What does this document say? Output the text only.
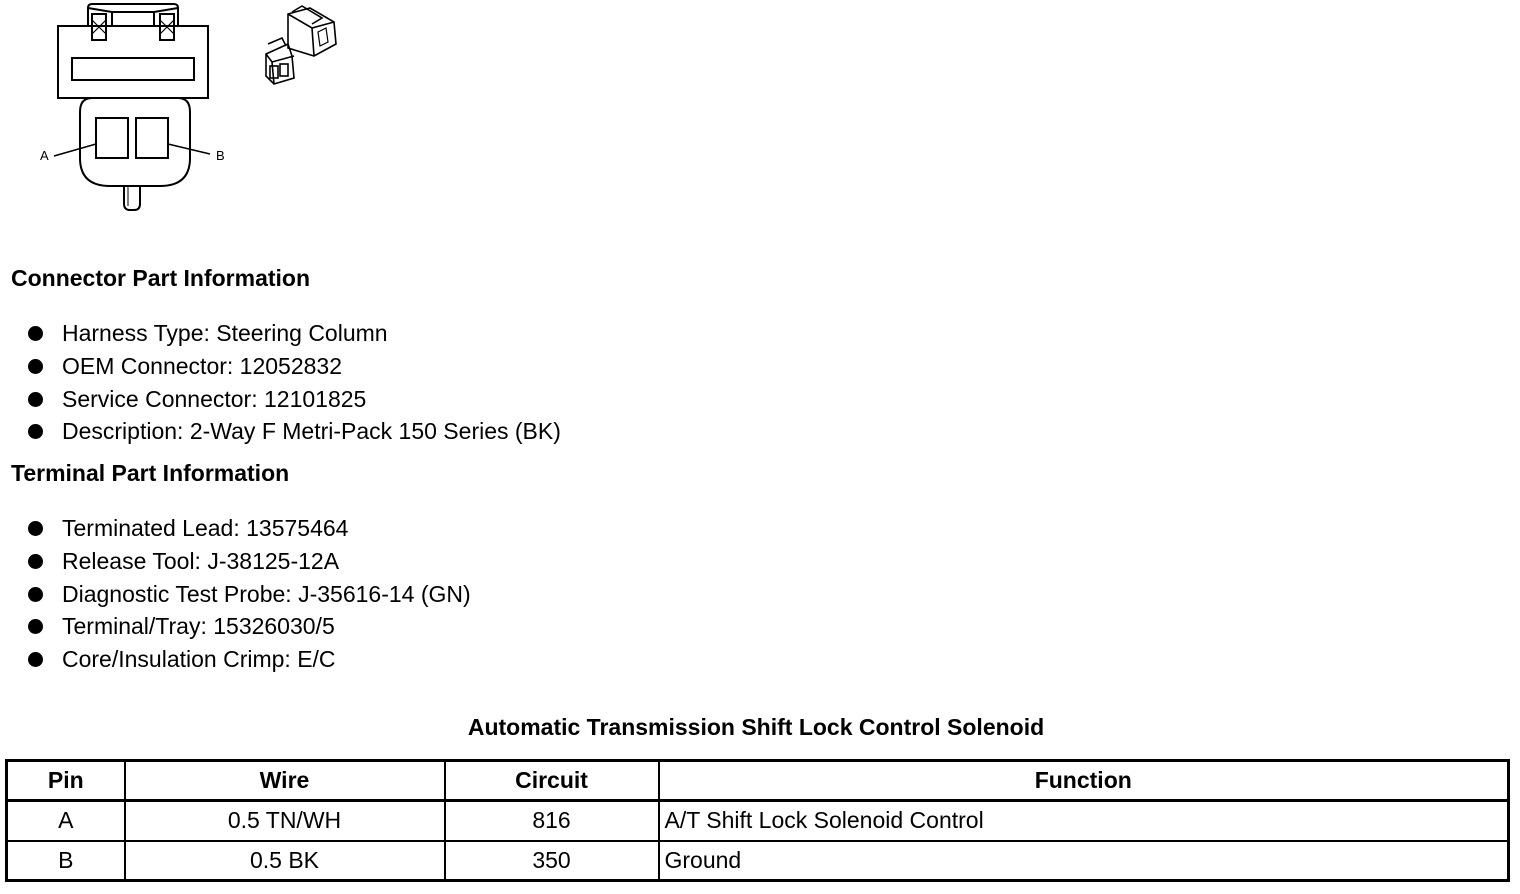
A	B
Connector Part Information
Harness Type: Steering Column
OEM Connector: 12052832
Service Connector: 12101825
Description: 2-Way F Metri-Pack 150 Series (BK)
Terminal Part Information
Terminated Lead: 13575464
Release Tool: J-38125-12A
Diagnostic Test Probe: J-35616-14 (GN)
Terminal/Tray: 15326030/5
Core/Insulation Crimp: E/C
Automatic Transmission Shift Lock Control Solenoid
Pin	Wire	Circuit	Function
A	0.5 TN/WH	816	A/T Shift Lock Solenoid Control
B	0.5 BK	350	Ground
